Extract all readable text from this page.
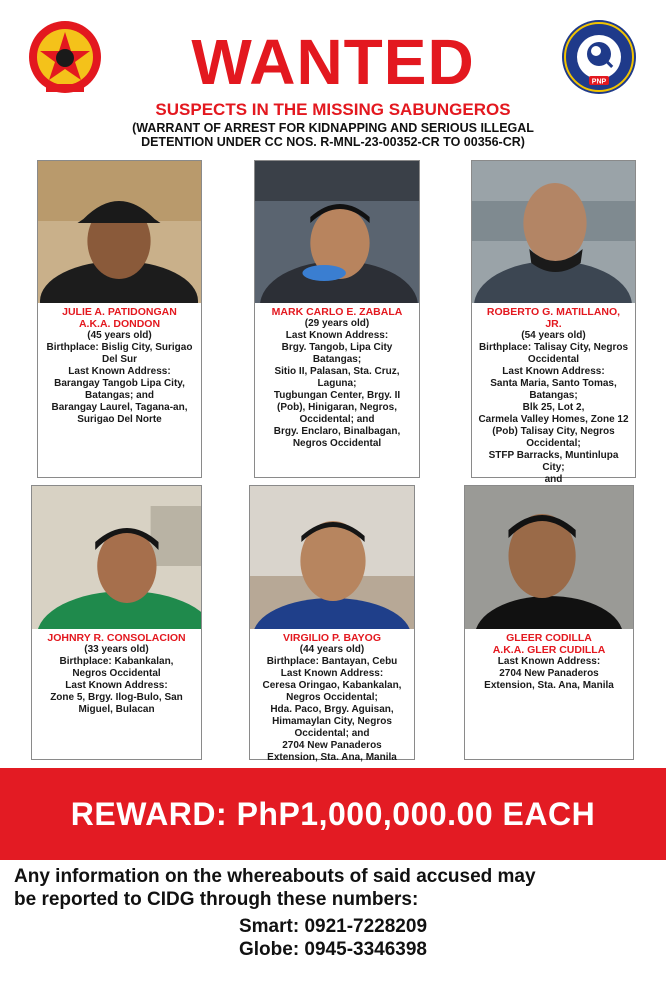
PNP
WANTED
SUSPECTS IN THE MISSING SABUNGEROS
(WARRANT OF ARREST FOR KIDNAPPING AND SERIOUS ILLEGAL
DETENTION UNDER CC NOS. R-MNL-23-00352-CR TO 00356-CR)
JULIE A. PATIDONGAN
A.K.A. DONDON
(45 years old)
Birthplace: Bislig City, Surigao
Del Sur
Last Known Address:
Barangay Tangob Lipa City,
Batangas; and
Barangay Laurel, Tagana-an,
Surigao Del Norte
MARK CARLO E. ZABALA
(29 years old)
Last Known Address:
Brgy. Tangob, Lipa City
Batangas;
Sitio II, Palasan, Sta. Cruz,
Laguna;
Tugbungan Center, Brgy. II
(Pob), Hinigaran, Negros,
Occidental; and
Brgy. Enclaro, Binalbagan,
Negros Occidental
ROBERTO G. MATILLANO, JR.
(54 years old)
Birthplace: Talisay City, Negros
Occidental
Last Known Address:
Santa Maria, Santo Tomas,
Batangas;
Blk 25, Lot 2,
Carmela Valley Homes, Zone 12
(Pob) Talisay City, Negros
Occidental;
STFP Barracks, Muntinlupa City;
and
JOHNRY R. CONSOLACION
(33 years old)
Birthplace: Kabankalan,
Negros Occidental
Last Known Address:
Zone 5, Brgy. Ilog-Bulo, San
Miguel, Bulacan
VIRGILIO P. BAYOG
(44 years old)
Birthplace: Bantayan, Cebu
Last Known Address:
Ceresa Oringao, Kabankalan,
Negros Occidental;
Hda. Paco, Brgy. Aguisan,
Himamaylan City, Negros
Occidental; and
2704 New Panaderos
Extension, Sta. Ana, Manila
GLEER CODILLA
A.K.A. GLER CUDILLA
Last Known Address:
2704 New Panaderos
Extension, Sta. Ana, Manila
REWARD: PhP1,000,000.00 EACH
Any information on the whereabouts of said accused may
be reported to CIDG through these numbers:
Smart: 0921-7228209
Globe: 0945-3346398
